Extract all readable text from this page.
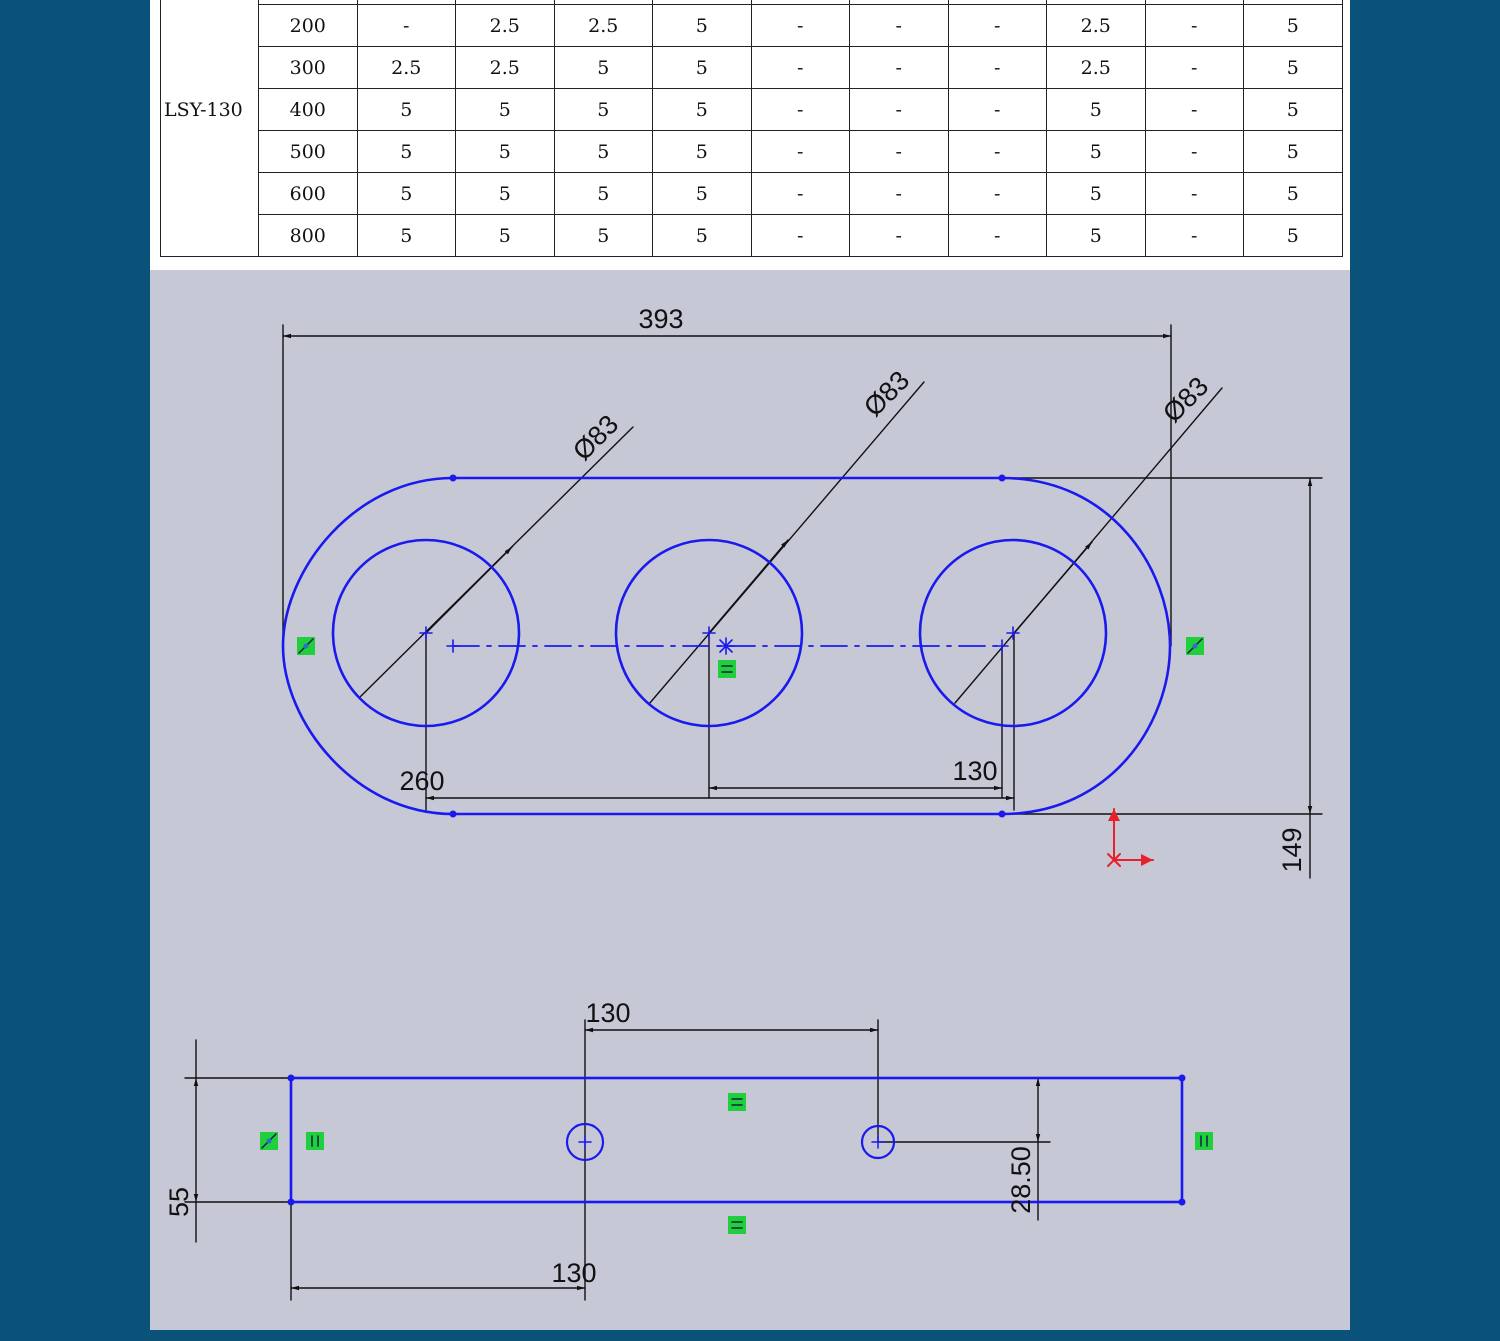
LSY-130											
	200	-	2.5	2.5	5	-	-	-	2.5	-	5
	300	2.5	2.5	5	5	-	-	-	2.5	-	5
	400	5	5	5	5	-	-	-	5	-	5
	500	5	5	5	5	-	-	-	5	-	5
	600	5	5	5	5	-	-	-	5	-	5
	800	5	5	5	5	-	-	-	5	-	5
393
260	130
149
Ø83
Ø83	Ø83
130
130
55	28.50
